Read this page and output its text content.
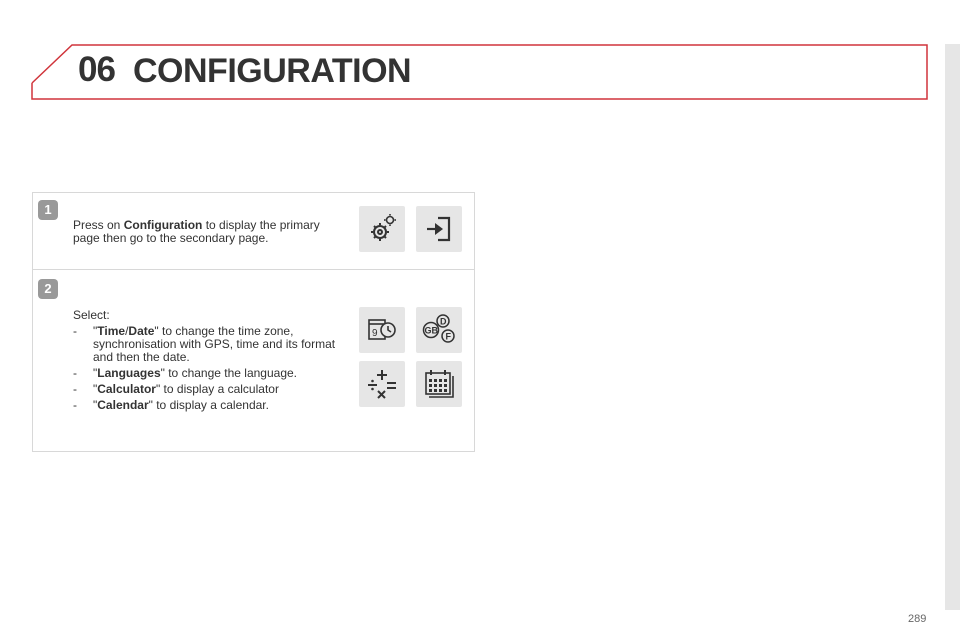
06 CONFIGURATION
1
Press on Configuration to display the primary page then go to the secondary page.
2
Select:
- "Time/Date" to change the time zone, synchronisation with GPS, time and its format and then the date.
- "Languages" to change the language.
- "Calculator" to display a calculator
- "Calendar" to display a calendar.
9
D
F
GB
289
